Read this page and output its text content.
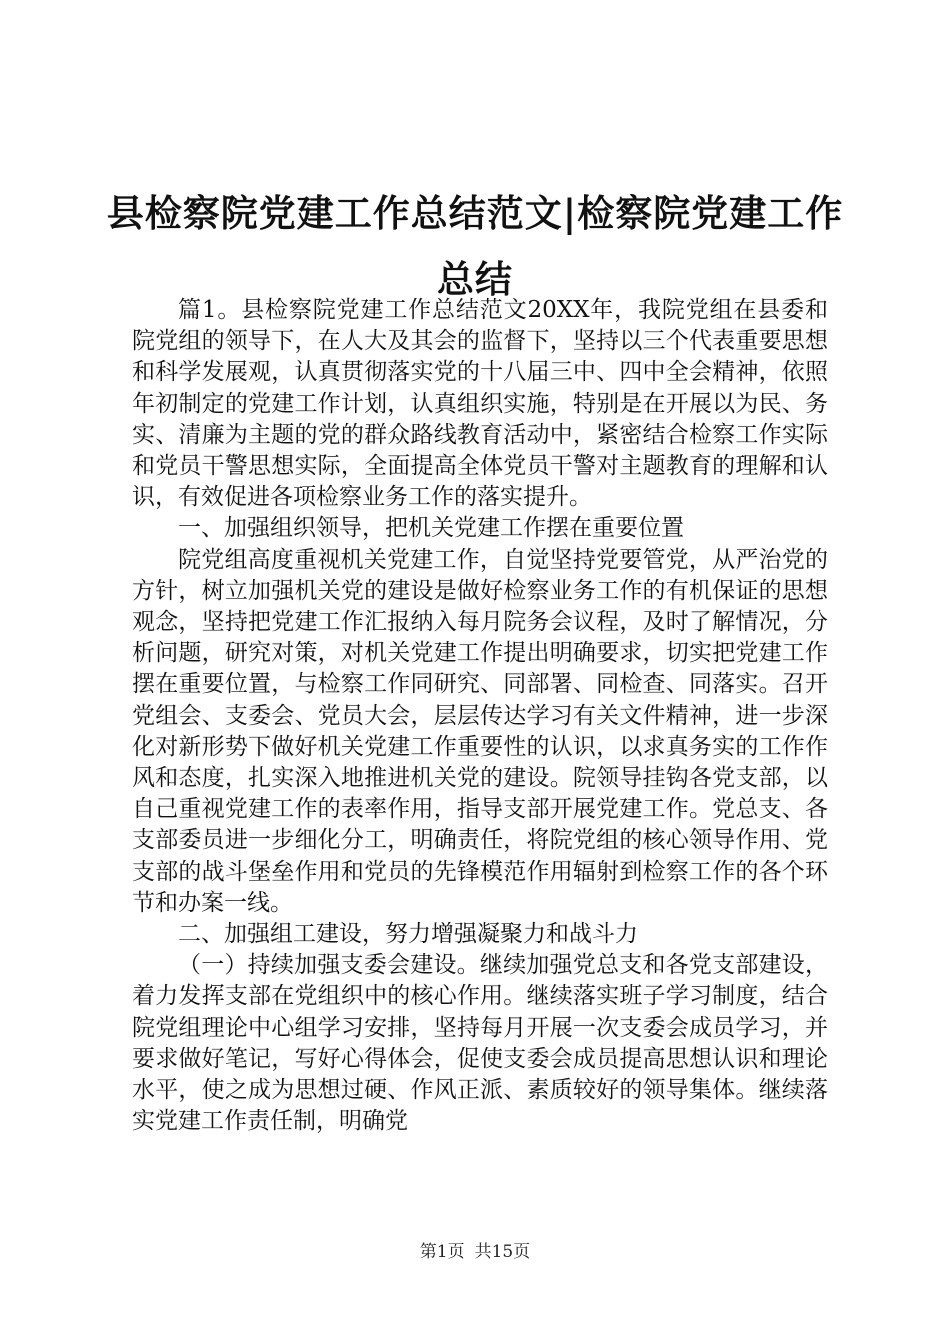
县检察院党建工作总结范文|检察院党建工作总结

篇1。县检察院党建工作总结范文20XX年，我院党组在县委和院党组的领导下，在人大及其会的监督下，坚持以三个代表重要思想和科学发展观，认真贯彻落实党的十八届三中、四中全会精神，依照年初制定的党建工作计划，认真组织实施，特别是在开展以为民、务实、清廉为主题的党的群众路线教育活动中，紧密结合检察工作实际和党员干警思想实际，全面提高全体党员干警对主题教育的理解和认识，有效促进各项检察业务工作的落实提升。

一、加强组织领导，把机关党建工作摆在重要位置

院党组高度重视机关党建工作，自觉坚持党要管党，从严治党的方针，树立加强机关党的建设是做好检察业务工作的有机保证的思想观念，坚持把党建工作汇报纳入每月院务会议程，及时了解情况，分析问题，研究对策，对机关党建工作提出明确要求，切实把党建工作摆在重要位置，与检察工作同研究、同部署、同检查、同落实。召开党组会、支委会、党员大会，层层传达学习有关文件精神，进一步深化对新形势下做好机关党建工作重要性的认识，以求真务实的工作作风和态度，扎实深入地推进机关党的建设。院领导挂钩各党支部，以自己重视党建工作的表率作用，指导支部开展党建工作。党总支、各支部委员进一步细化分工，明确责任，将院党组的核心领导作用、党支部的战斗堡垒作用和党员的先锋模范作用辐射到检察工作的各个环节和办案一线。

二、加强组工建设，努力增强凝聚力和战斗力

（一）持续加强支委会建设。继续加强党总支和各党支部建设，着力发挥支部在党组织中的核心作用。继续落实班子学习制度，结合院党组理论中心组学习安排，坚持每月开展一次支委会成员学习，并要求做好笔记，写好心得体会，促使支委会成员提高思想认识和理论水平，使之成为思想过硬、作风正派、素质较好的领导集体。继续落实党建工作责任制，明确党

第1页 共15页
